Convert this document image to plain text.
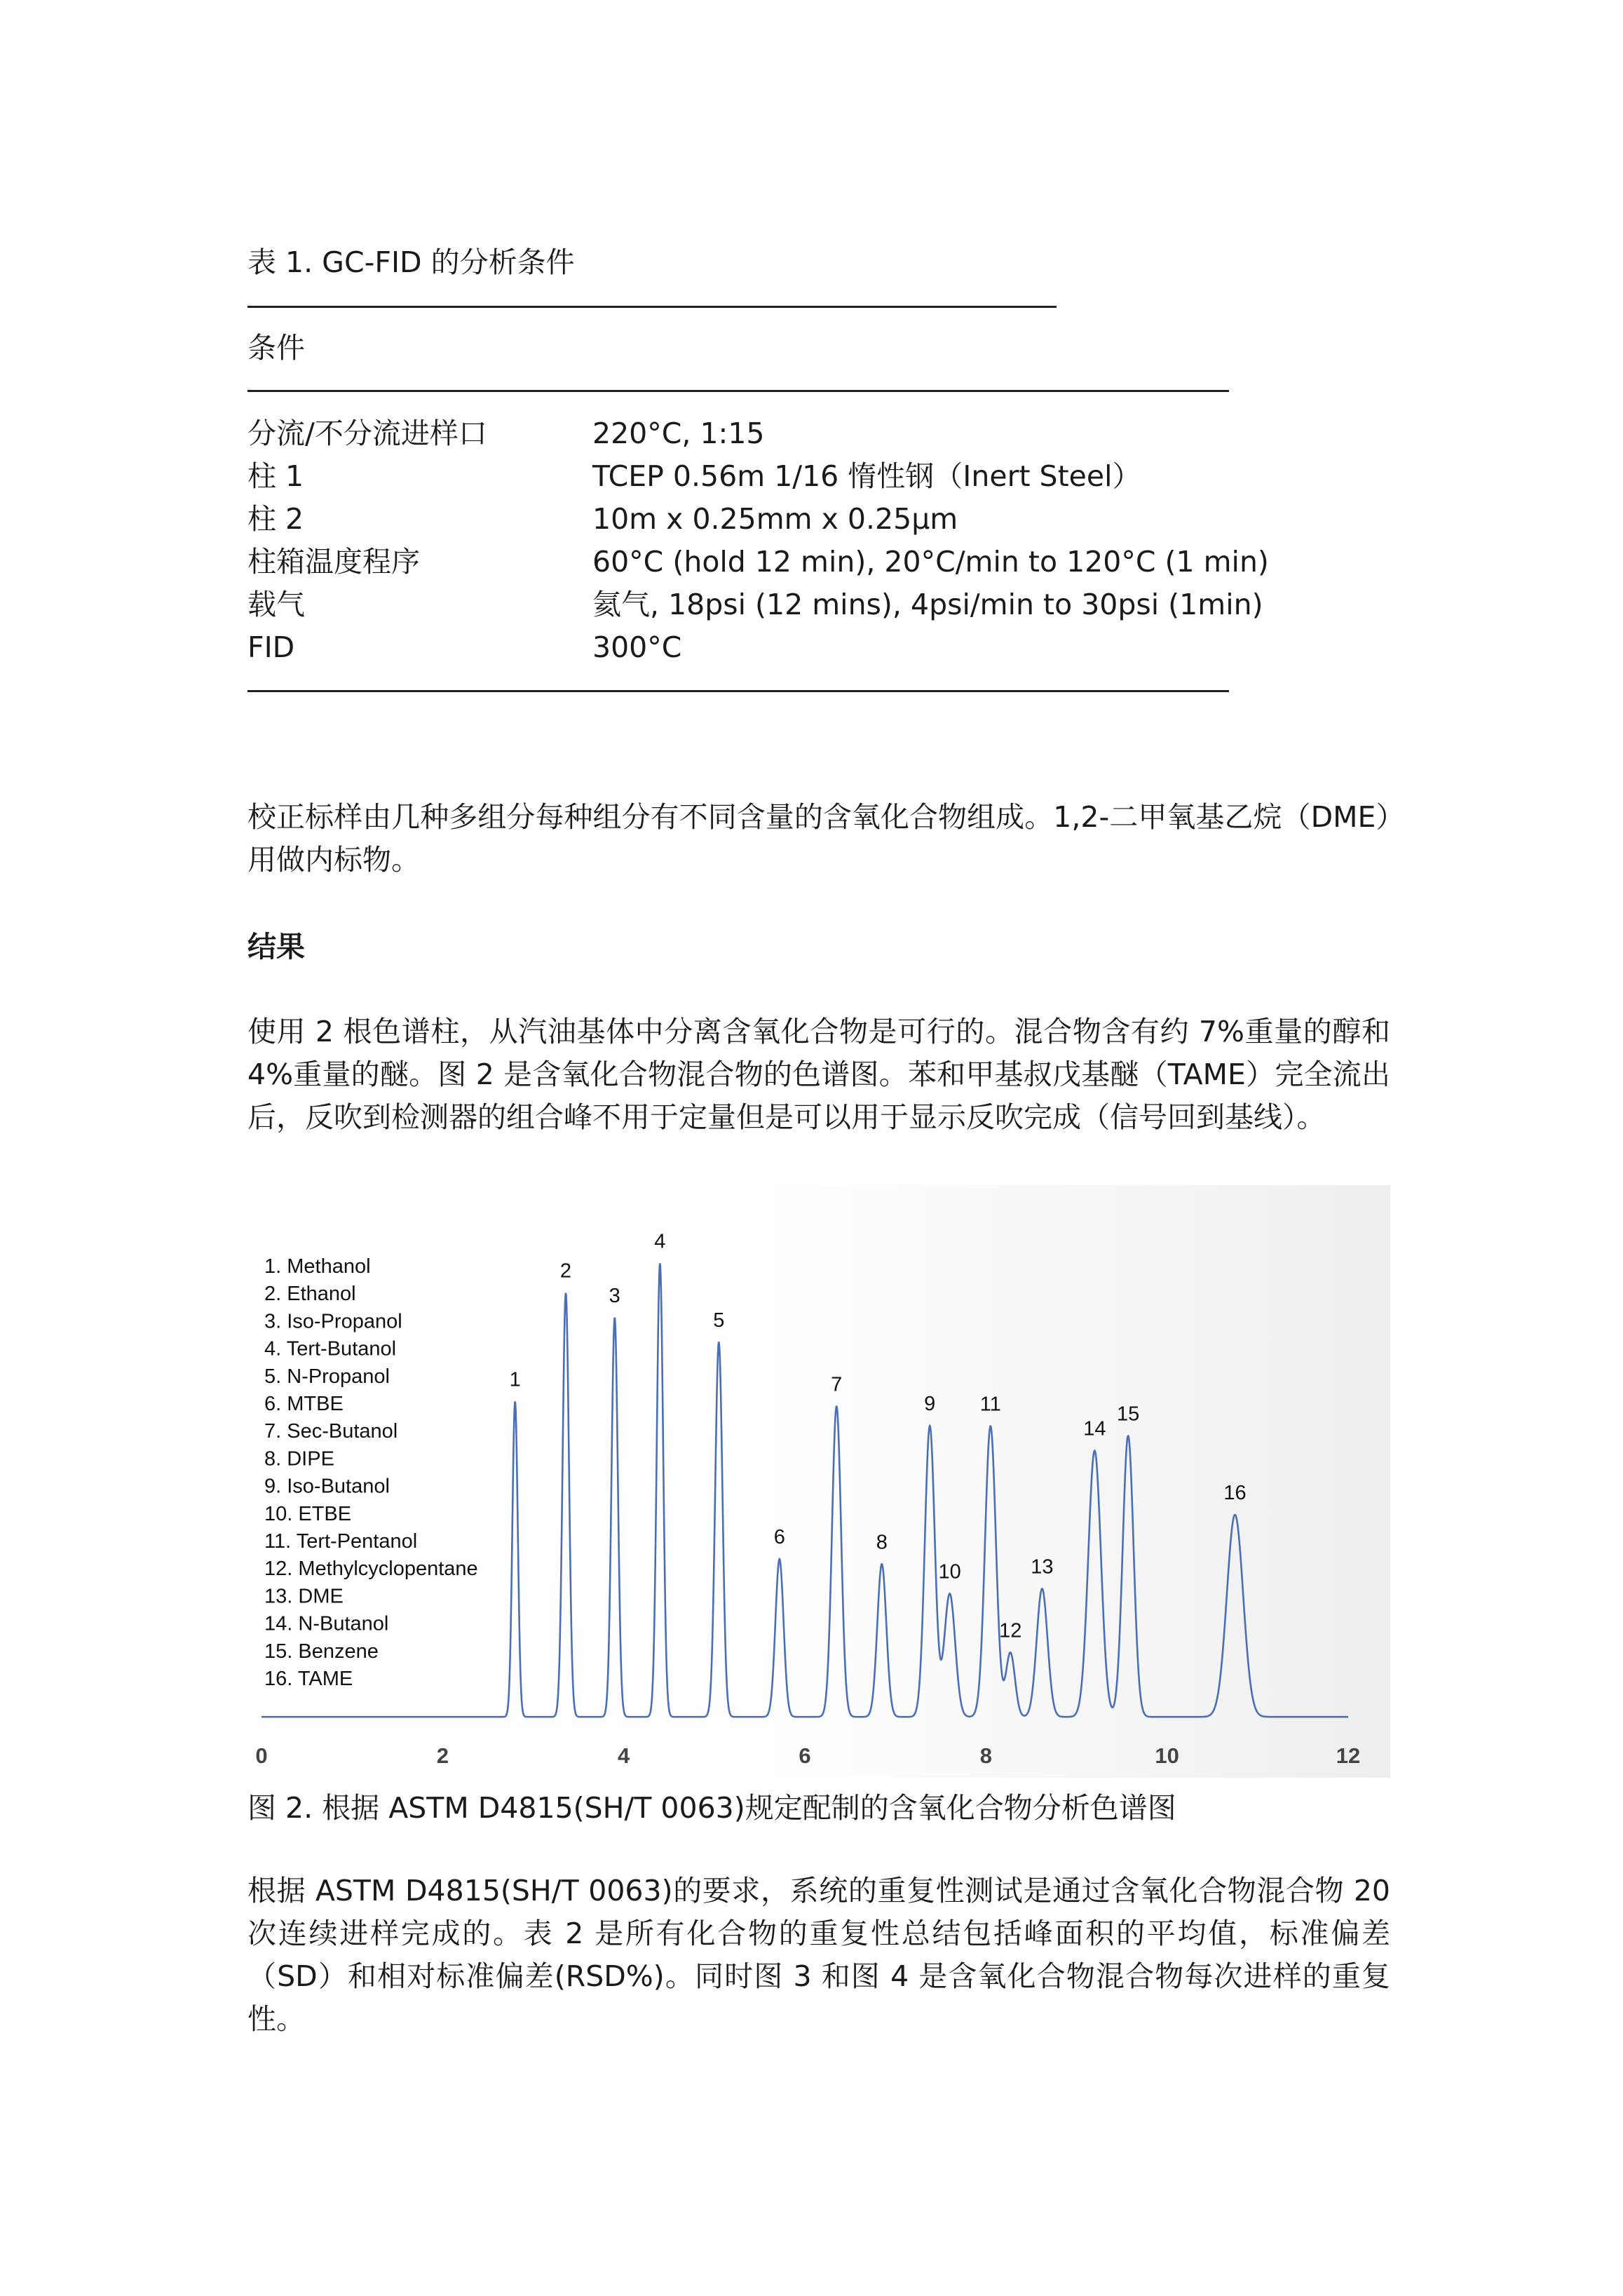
表 1. GC-FID 的分析条件
条件
分流/不分流进样口	220°C, 1:15
柱 1	TCEP 0.56m 1/16 惰性钢（Inert Steel）
柱 2	10m x 0.25mm x 0.25µm
柱箱温度程序	60°C (hold 12 min), 20°C/min to 120°C (1 min)
载气	氦气, 18psi (12 mins), 4psi/min to 30psi (1min)
FID	300°C
校正标样由几种多组分每种组分有不同含量的含氧化合物组成。1,2-二甲氧基乙烷（DME）用做内标物。
结果
使用 2 根色谱柱，从汽油基体中分离含氧化合物是可行的。混合物含有约 7%重量的醇和 4%重量的醚。图 2 是含氧化合物混合物的色谱图。苯和甲基叔戊基醚（TAME）完全流出后，反吹到检测器的组合峰不用于定量但是可以用于显示反吹完成（信号回到基线）。
1. Methanol
2. Ethanol
3. Iso-Propanol
4. Tert-Butanol
5. N-Propanol
6. MTBE
7. Sec-Butanol
8. DIPE
9. Iso-Butanol
10. ETBE
11. Tert-Pentanol
12. Methylcyclopentane
13. DME
14. N-Butanol
15. Benzene
16. TAME
1
2
3
4
5
6
7
8
9
10
11
12
13
14
15
16
0	2	4	6	8	10	12
图 2. 根据 ASTM D4815(SH/T 0063)规定配制的含氧化合物分析色谱图
根据 ASTM D4815(SH/T 0063)的要求，系统的重复性测试是通过含氧化合物混合物 20 次连续进样完成的。表 2 是所有化合物的重复性总结包括峰面积的平均值，标准偏差（SD）和相对标准偏差(RSD%)。同时图 3 和图 4 是含氧化合物混合物每次进样的重复性。
